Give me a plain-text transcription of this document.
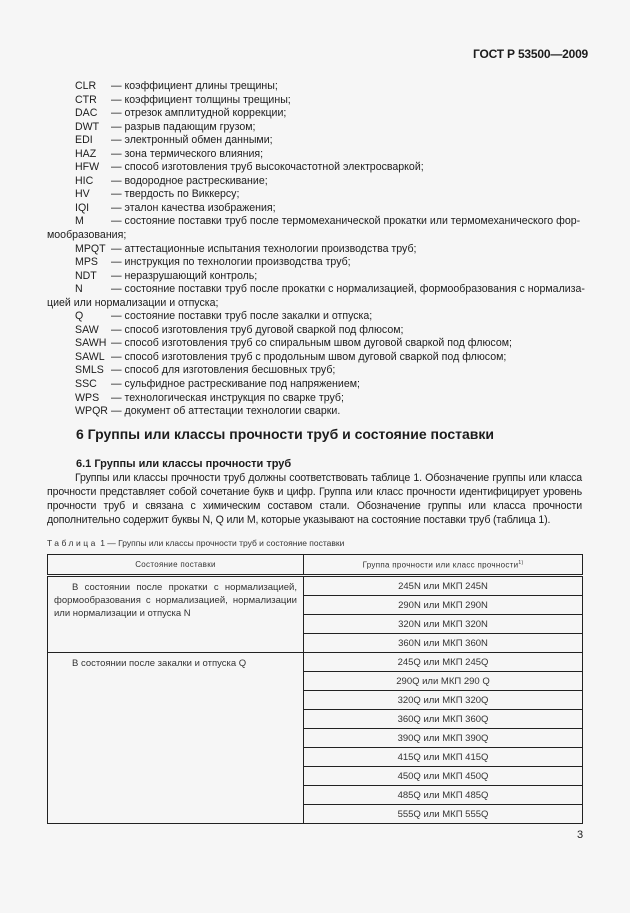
ГОСТ Р 53500—2009
CLR — коэффициент длины трещины;
CTR — коэффициент толщины трещины;
DAC — отрезок амплитудной коррекции;
DWT — разрыв падающим грузом;
EDI — электронный обмен данными;
HAZ — зона термического влияния;
HFW — способ изготовления труб высокочастотной электросваркой;
HIC — водородное растрескивание;
HV — твердость по Виккерсу;
IQI — эталон качества изображения;
M	— состояние поставки труб после термомеханической прокатки или термомеханического фор-
мообразования;
MPQT — аттестационные испытания технологии производства труб;
MPS — инструкция по технологии производства труб;
NDT — неразрушающий контроль;
N	— состояние поставки труб после прокатки с нормализацией, формообразования с нормализа-
цией или нормализации и отпуска;
Q	— состояние поставки труб после закалки и отпуска;
SAW — способ изготовления труб дуговой сваркой под флюсом;
SAWH — способ изготовления труб со спиральным швом дуговой сваркой под флюсом;
SAWL — способ изготовления труб с продольным швом дуговой сваркой под флюсом;
SMLS — способ для изготовления бесшовных труб;
SSC — сульфидное растрескивание под напряжением;
WPS — технологическая инструкция по сварке труб;
WPQR — документ об аттестации технологии сварки.
6 Группы или классы прочности труб и состояние поставки
6.1 Группы или классы прочности труб
Группы или классы прочности труб должны соответствовать таблице 1. Обозначение группы или класса прочности представляет собой сочетание букв и цифр. Группа или класс прочности идентифицирует уровень прочности труб и связана с химическим составом стали. Обозначение группы или класса прочности дополнительно содержит буквы N, Q или M, которые указывают на состояние поставки труб (таблица 1).
Таблица 1 — Группы или классы прочности труб и состояние поставки
Состояние поставки	Группа прочности или класс прочности$^{1)}$
В состоянии после прокатки с нормализацией, формообразования с нормализацией, нормализации или нормализации и отпуска N	245N или МКП 245N
	290N или МКП 290N
	320N или МКП 320N
	360N или МКП 360N
В состоянии после закалки и отпуска Q	245Q или МКП 245Q
	290Q или МКП 290 Q
	320Q или МКП 320Q
	360Q или МКП 360Q
	390Q или МКП 390Q
	415Q или МКП 415Q
	450Q или МКП 450Q
	485Q или МКП 485Q
	555Q или МКП 555Q
3
